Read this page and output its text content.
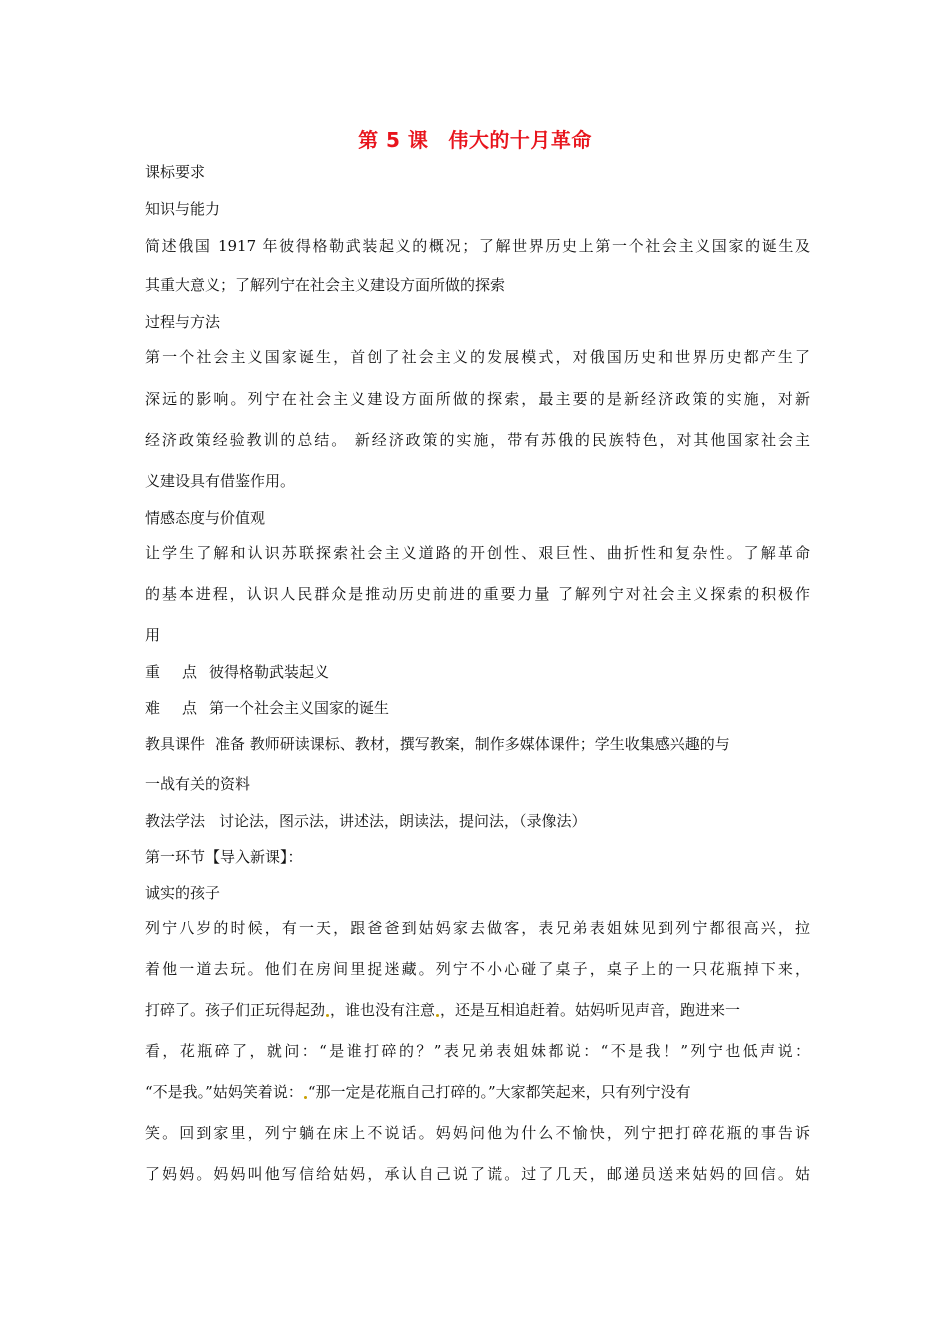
第 5 课 伟大的十月革命
课标要求
知识与能力
简述俄国 1917 年彼得格勒武装起义的概况；了解世界历史上第一个社会主义国家的诞生及
其重大意义；了解列宁在社会主义建设方面所做的探索
过程与方法
第一个社会主义国家诞生，首创了社会主义的发展模式，对俄国历史和世界历史都产生了
深远的影响。列宁在社会主义建设方面所做的探索，最主要的是新经济政策的实施，对新
经济政策经验教训的总结。 新经济政策的实施，带有苏俄的民族特色，对其他国家社会主
义建设具有借鉴作用。
情感态度与价值观
让学生了解和认识苏联探索社会主义道路的开创性、艰巨性、曲折性和复杂性。了解革命
的基本进程，认识人民群众是推动历史前进的重要力量 了解列宁对社会主义探索的积极作
用
重 点 彼得格勒武装起义
难 点 第一个社会主义国家的诞生
教具课件 准备 教师研读课标、教材，撰写教案，制作多媒体课件；学生收集感兴趣的与
一战有关的资料
教法学法 讨论法，图示法，讲述法，朗读法，提问法，（录像法）
第一环节【导入新课】：
诚实的孩子
列宁八岁的时候，有一天，跟爸爸到姑妈家去做客，表兄弟表姐妹见到列宁都很高兴，拉
着他一道去玩。他们在房间里捉迷藏。列宁不小心碰了桌子，桌子上的一只花瓶掉下来，
打碎了。孩子们正玩得起劲 ，谁也没有注意 ，还是互相追赶着。姑妈听见声音，跑进来一
看，花瓶碎了，就问：“是谁打碎的？”表兄弟表姐妹都说：“不是我！”列宁也低声说：
“不是我。”姑妈笑着说： “那一定是花瓶自己打碎的。”大家都笑起来，只有列宁没有
笑。回到家里，列宁躺在床上不说话。妈妈问他为什么不愉快，列宁把打碎花瓶的事告诉
了妈妈。妈妈叫他写信给姑妈，承认自己说了谎。过了几天，邮递员送来姑妈的回信。姑
